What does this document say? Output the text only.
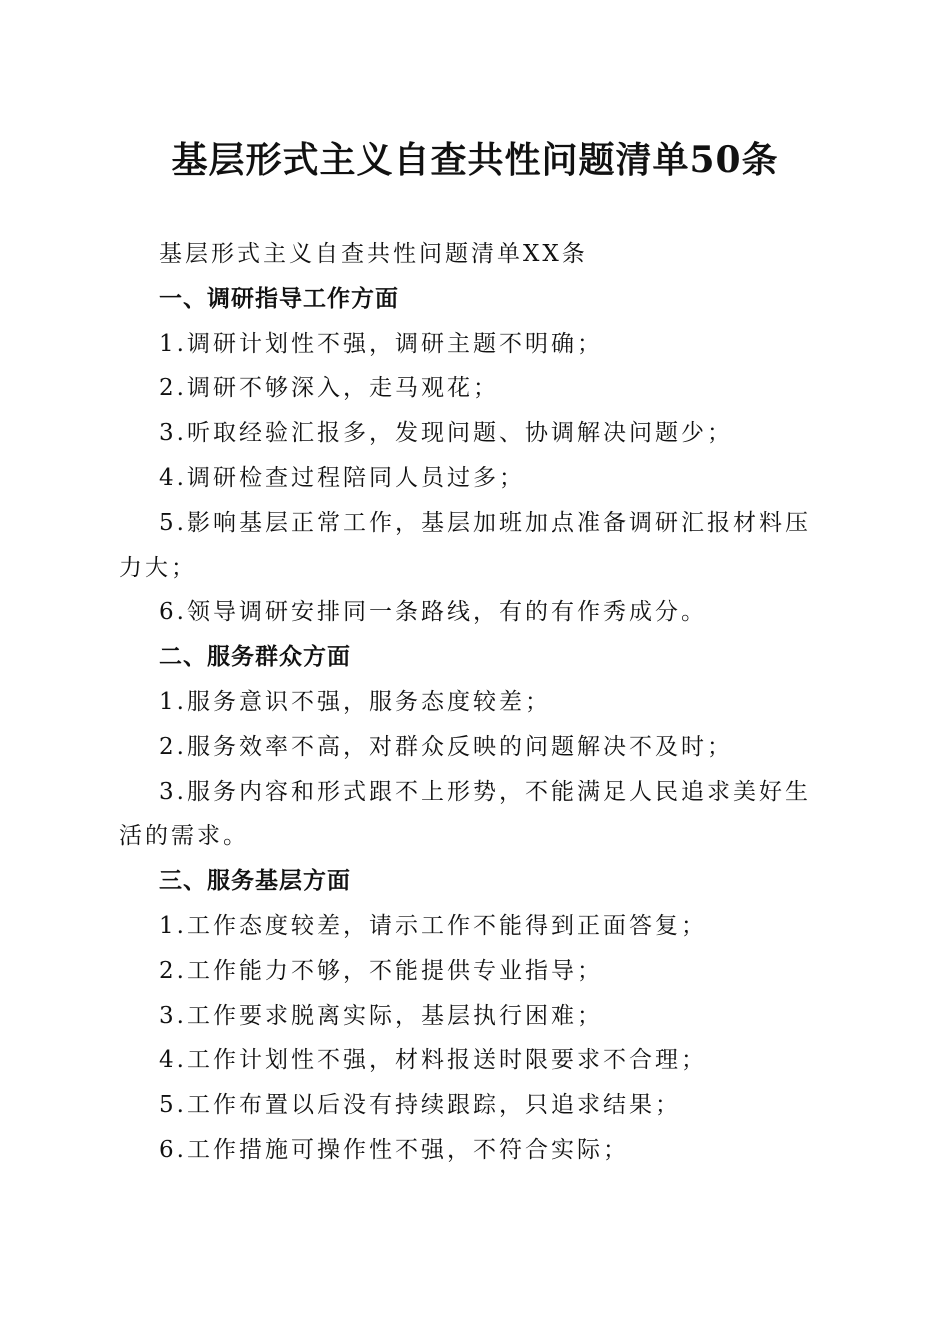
基层形式主义自查共性问题清单50条

基层形式主义自查共性问题清单XX条

一、调研指导工作方面

1.调研计划性不强，调研主题不明确；

2.调研不够深入，走马观花；

3.听取经验汇报多，发现问题、协调解决问题少；

4.调研检查过程陪同人员过多；

5.影响基层正常工作，基层加班加点准备调研汇报材料压力大；

6.领导调研安排同一条路线，有的有作秀成分。

二、服务群众方面

1.服务意识不强，服务态度较差；

2.服务效率不高，对群众反映的问题解决不及时；

3.服务内容和形式跟不上形势，不能满足人民追求美好生活的需求。

三、服务基层方面

1.工作态度较差，请示工作不能得到正面答复；

2.工作能力不够，不能提供专业指导；

3.工作要求脱离实际，基层执行困难；

4.工作计划性不强，材料报送时限要求不合理；

5.工作布置以后没有持续跟踪，只追求结果；

6.工作措施可操作性不强，不符合实际；
